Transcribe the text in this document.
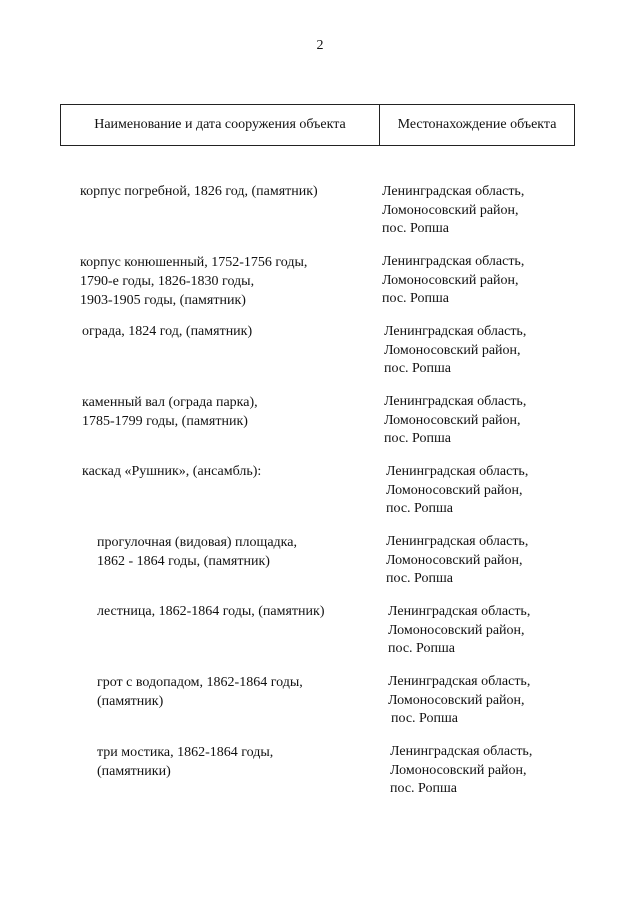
2
Наименование и дата сооружения объекта	Местонахождение объекта
корпус погребной, 1826 год, (памятник)	Ленинградская область,
Ломоносовский район,
пос. Ропша
корпус конюшенный, 1752-1756 годы,
1790-е годы, 1826-1830 годы,
1903-1905 годы, (памятник)
Ленинградская область,
Ломоносовский район,
пос. Ропша
ограда, 1824 год, (памятник)	Ленинградская область,
Ломоносовский район,
пос. Ропша
каменный вал (ограда парка),
1785-1799 годы, (памятник)
Ленинградская область,
Ломоносовский район,
пос. Ропша
каскад «Рушник», (ансамбль):	Ленинградская область,
Ломоносовский район,
пос. Ропша
прогулочная (видовая) площадка,
1862 - 1864 годы, (памятник)
Ленинградская область,
Ломоносовский район,
пос. Ропша
лестница, 1862-1864 годы, (памятник)	Ленинградская область,
Ломоносовский район,
пос. Ропша
грот с водопадом, 1862-1864 годы,
(памятник)
Ленинградская область,
Ломоносовский район,
пос. Ропша
три мостика, 1862-1864 годы,
(памятники)
Ленинградская область,
Ломоносовский район,
пос. Ропша
